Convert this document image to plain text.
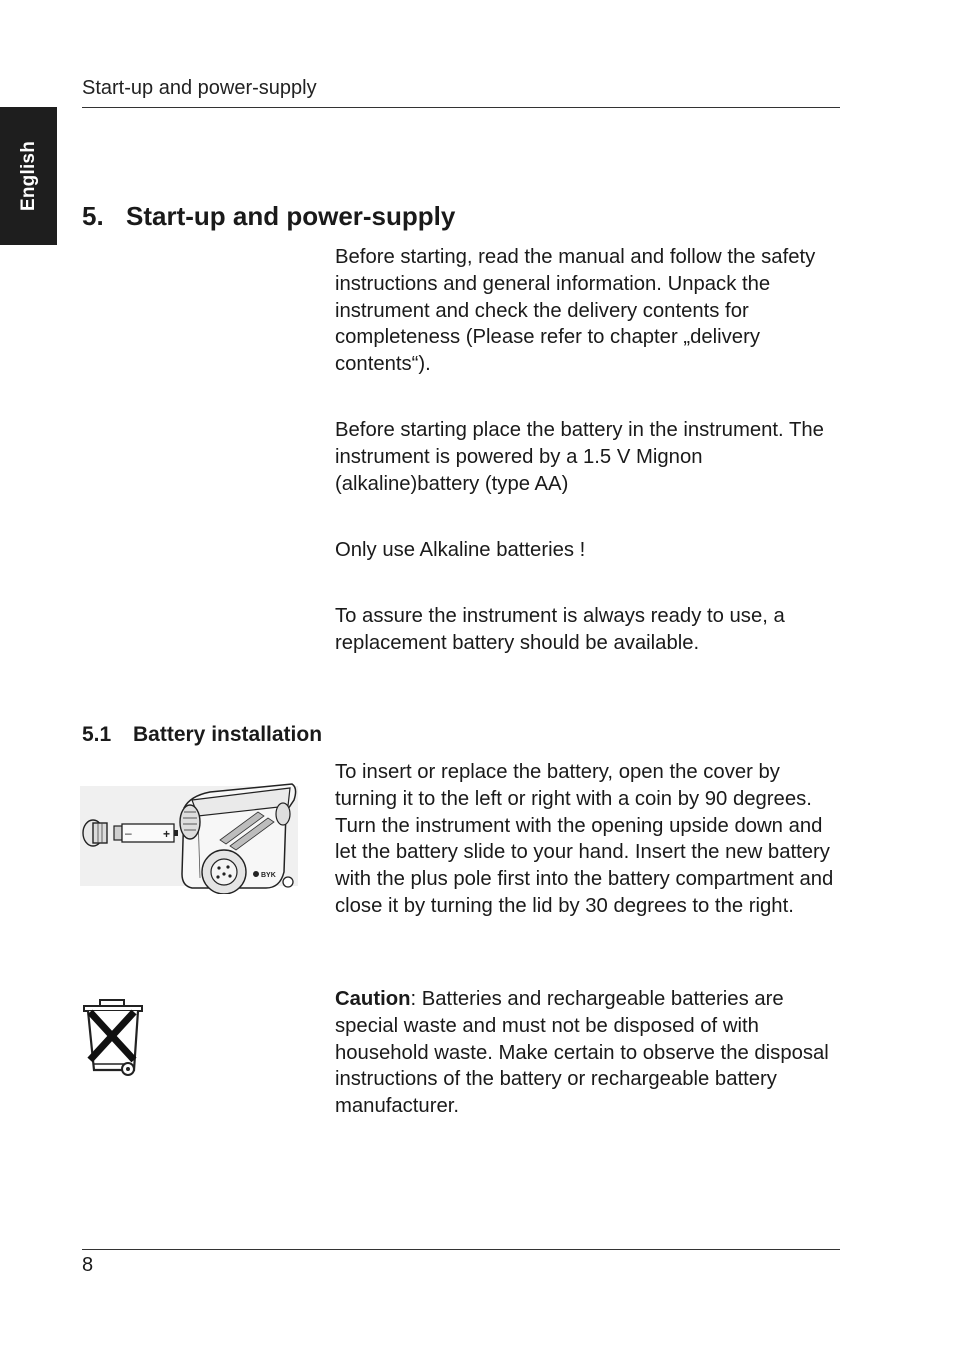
English
Start-up and power-supply
5. Start-up and power-supply
Before starting, read the manual and follow the safety instructions and general information. Unpack the instrument and check the delivery contents for completeness (Please refer to chapter „delivery contents“).
Before starting place the battery in the instrument. The instrument is powered by a 1.5 V Mignon (alkaline)battery (type AA)
Only use Alkaline batteries !
To assure the instrument is always ready to use, a replacement battery should be available.
5.1 Battery installation
–	+
BYK
To insert or replace the battery, open the cover by turning it to the left or right with a coin by 90 degrees. Turn the instrument with the opening upside down and let the battery slide to your hand. Insert the new battery with the plus pole first into the battery compartment and close it by turning the lid by 30 degrees to the right.
Caution: Batteries and rechargeable batteries are special waste and must not be disposed of with household waste. Make certain to observe the disposal instructions of the battery or rechargeable battery manufacturer.
8
